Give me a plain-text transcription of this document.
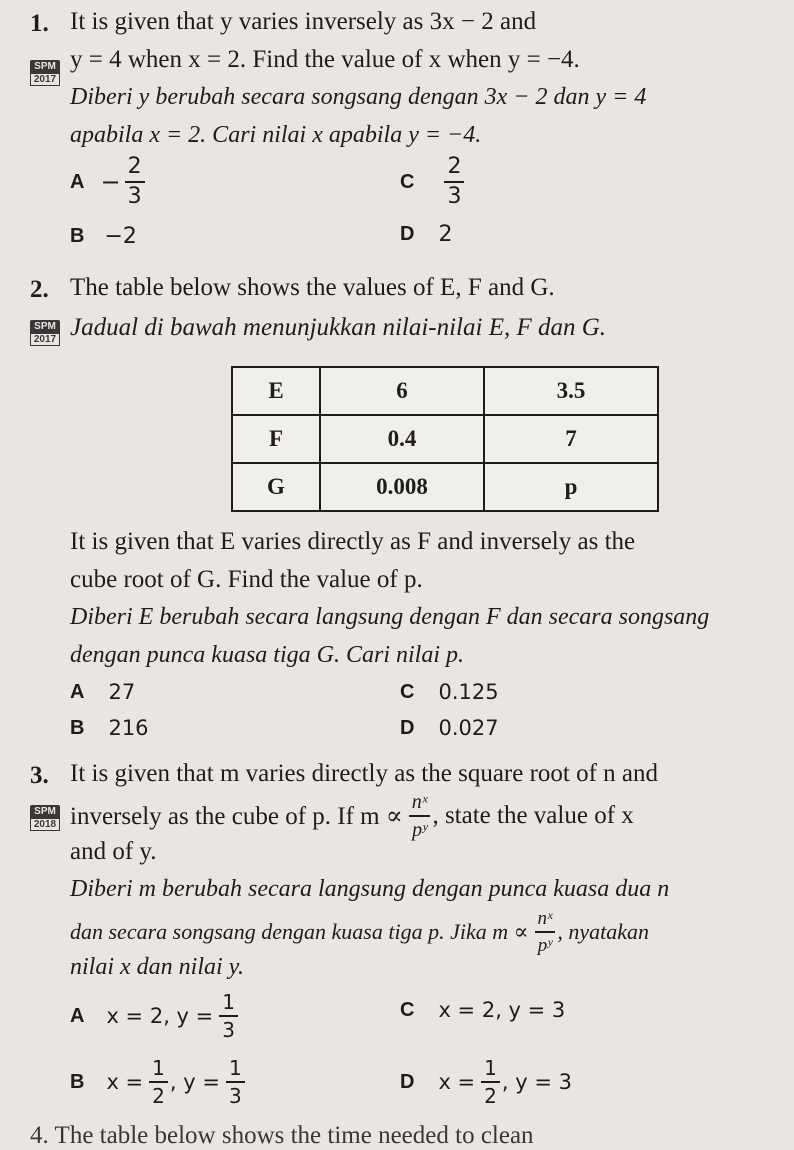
1. It is given that y varies inversely as 3x − 2 and
SPM
2017
y = 4 when x = 2. Find the value of x when y = −4.
Diberi y berubah secara songsang dengan 3x − 2 dan y = 4
apabila x = 2. Cari nilai x apabila y = −4.
$A - \frac{2}{3}$	C $\frac{2}{3}$
B −2	D 2
2. The table below shows the values of E, F and G.
SPM
2017 Jadual di bawah menunjukkan nilai-nilai E, F dan G.
E	6	3.5
F	0.4	7
G	0.008	p
It is given that E varies directly as F and inversely as the
cube root of G. Find the value of p.
Diberi E berubah secara langsung dengan F dan secara songsang
dengan punca kuasa tiga G. Cari nilai p.
A 27	C 0.125
B 216	D 0.027
3. It is given that m varies directly as the square root of n and
SPM
2018 inversely as the cube of p. If $m \propto \frac{\text{nˣ}}{\text{pʸ}}$ , state the value of x
and of y.
Diberi m berubah secara langsung dengan punca kuasa dua n
dan secara songsang dengan kuasa tiga p. Jika $m \propto \frac{\text{nˣ}}{\text{pʸ}}$ , nyatakan
nilai x dan nilai y.
A x = 2, $y = \frac{1}{3}$	C x = 2, y = 3
B $x = \frac{1}{2}$ , $y = \frac{1}{3}$	D $x = \frac{1}{2}$ , y = 3
4. The table below shows the time needed to clean
